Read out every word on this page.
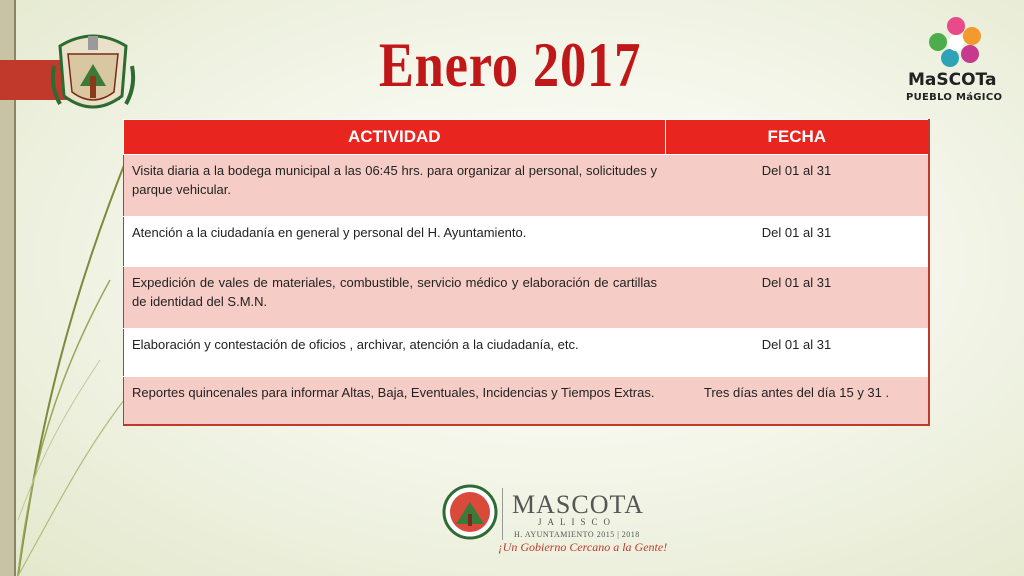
Enero 2017	MaSCOTa
PUEBLO MáGICO
ACTIVIDAD	FECHA
Visita diaria a la bodega municipal a las 06:45 hrs. para organizar al personal, solicitudes y parque vehicular.	Del 01 al 31
Atención a la ciudadanía en general y personal del H. Ayuntamiento.	Del 01 al 31
Expedición de vales de materiales, combustible, servicio médico y elaboración de cartillas de identidad del S.M.N.	Del 01 al 31
Elaboración y contestación de oficios , archivar, atención a la ciudadanía, etc.	Del 01 al 31
Reportes quincenales para informar Altas, Baja, Eventuales, Incidencias y Tiempos Extras.	Tres días antes del día 15 y 31 .
MASCOTA
JALISCO
H. AYUNTAMIENTO 2015 | 2018
¡Un Gobierno Cercano a la Gente!
